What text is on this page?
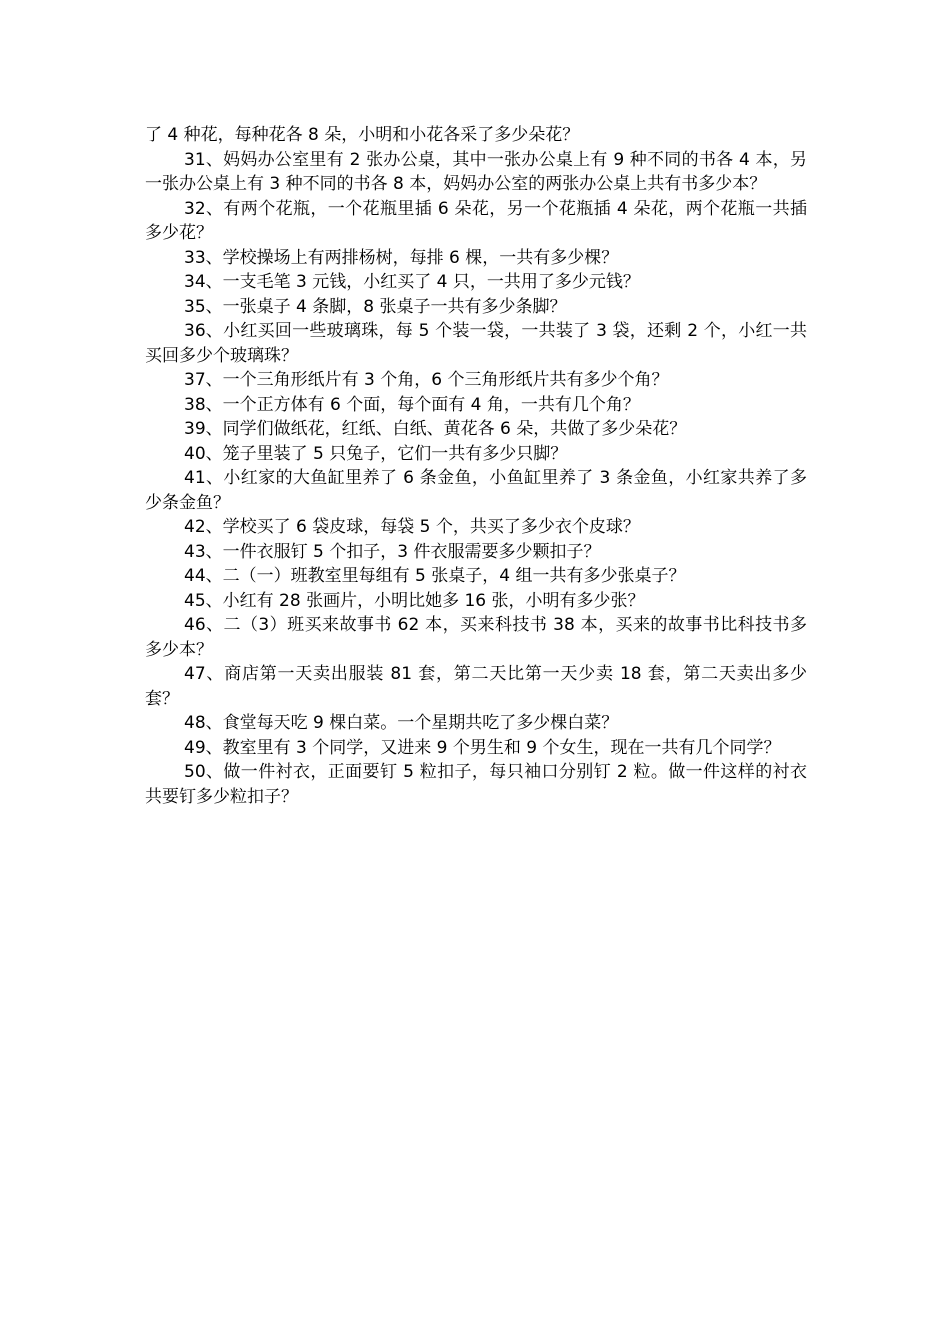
了 4 种花，每种花各 8 朵，小明和小花各采了多少朵花？

31、妈妈办公室里有 2 张办公桌，其中一张办公桌上有 9 种不同的书各 4 本，另一张办公桌上有 3 种不同的书各 8 本，妈妈办公室的两张办公桌上共有书多少本？

32、有两个花瓶，一个花瓶里插 6 朵花，另一个花瓶插 4 朵花，两个花瓶一共插多少花？

33、学校操场上有两排杨树，每排 6 棵，一共有多少棵？

34、一支毛笔 3 元钱，小红买了 4 只，一共用了多少元钱？

35、一张桌子 4 条脚，8 张桌子一共有多少条脚？

36、小红买回一些玻璃珠，每 5 个装一袋，一共装了 3 袋，还剩 2 个，小红一共买回多少个玻璃珠？

37、一个三角形纸片有 3 个角，6 个三角形纸片共有多少个角？

38、一个正方体有 6 个面，每个面有 4 角，一共有几个角？

39、同学们做纸花，红纸、白纸、黄花各 6 朵，共做了多少朵花？

40、笼子里装了 5 只兔子，它们一共有多少只脚？

41、小红家的大鱼缸里养了 6 条金鱼，小鱼缸里养了 3 条金鱼，小红家共养了多少条金鱼？

42、学校买了 6 袋皮球，每袋 5 个，共买了多少衣个皮球？

43、一件衣服钉 5 个扣子，3 件衣服需要多少颗扣子？

44、二（一）班教室里每组有 5 张桌子，4 组一共有多少张桌子？

45、小红有 28 张画片，小明比她多 16 张，小明有多少张？

46、二（3）班买来故事书 62 本，买来科技书 38 本，买来的故事书比科技书多多少本？

47、商店第一天卖出服装 81 套，第二天比第一天少卖 18 套，第二天卖出多少套？

48、食堂每天吃 9 棵白菜。一个星期共吃了多少棵白菜？

49、教室里有 3 个同学，又进来 9 个男生和 9 个女生，现在一共有几个同学？

50、做一件衬衣，正面要钉 5 粒扣子，每只袖口分别钉 2 粒。做一件这样的衬衣共要钉多少粒扣子？
